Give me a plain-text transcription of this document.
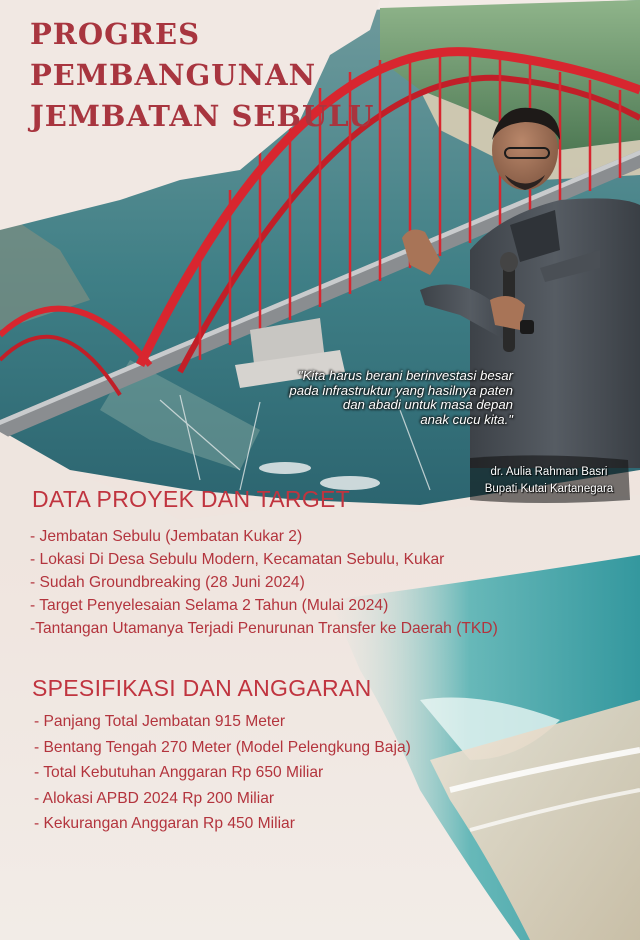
PROGRES
PEMBANGUNAN
JEMBATAN SEBULU
"Kita harus berani berinvestasi besar
pada infrastruktur yang hasilnya paten
dan abadi untuk masa depan
anak cucu kita."
dr. Aulia Rahman Basri
Bupati Kutai Kartanegara
DATA PROYEK DAN TARGET
- Jembatan Sebulu (Jembatan Kukar 2)
- Lokasi Di Desa Sebulu Modern, Kecamatan Sebulu, Kukar
- Sudah Groundbreaking (28 Juni 2024)
- Target Penyelesaian Selama 2 Tahun (Mulai 2024)
-Tantangan Utamanya Terjadi Penurunan Transfer ke Daerah (TKD)
SPESIFIKASI DAN ANGGARAN
- Panjang Total Jembatan 915 Meter
- Bentang Tengah 270 Meter (Model Pelengkung Baja)
- Total Kebutuhan Anggaran Rp 650 Miliar
- Alokasi APBD 2024 Rp 200 Miliar
- Kekurangan Anggaran Rp 450 Miliar
